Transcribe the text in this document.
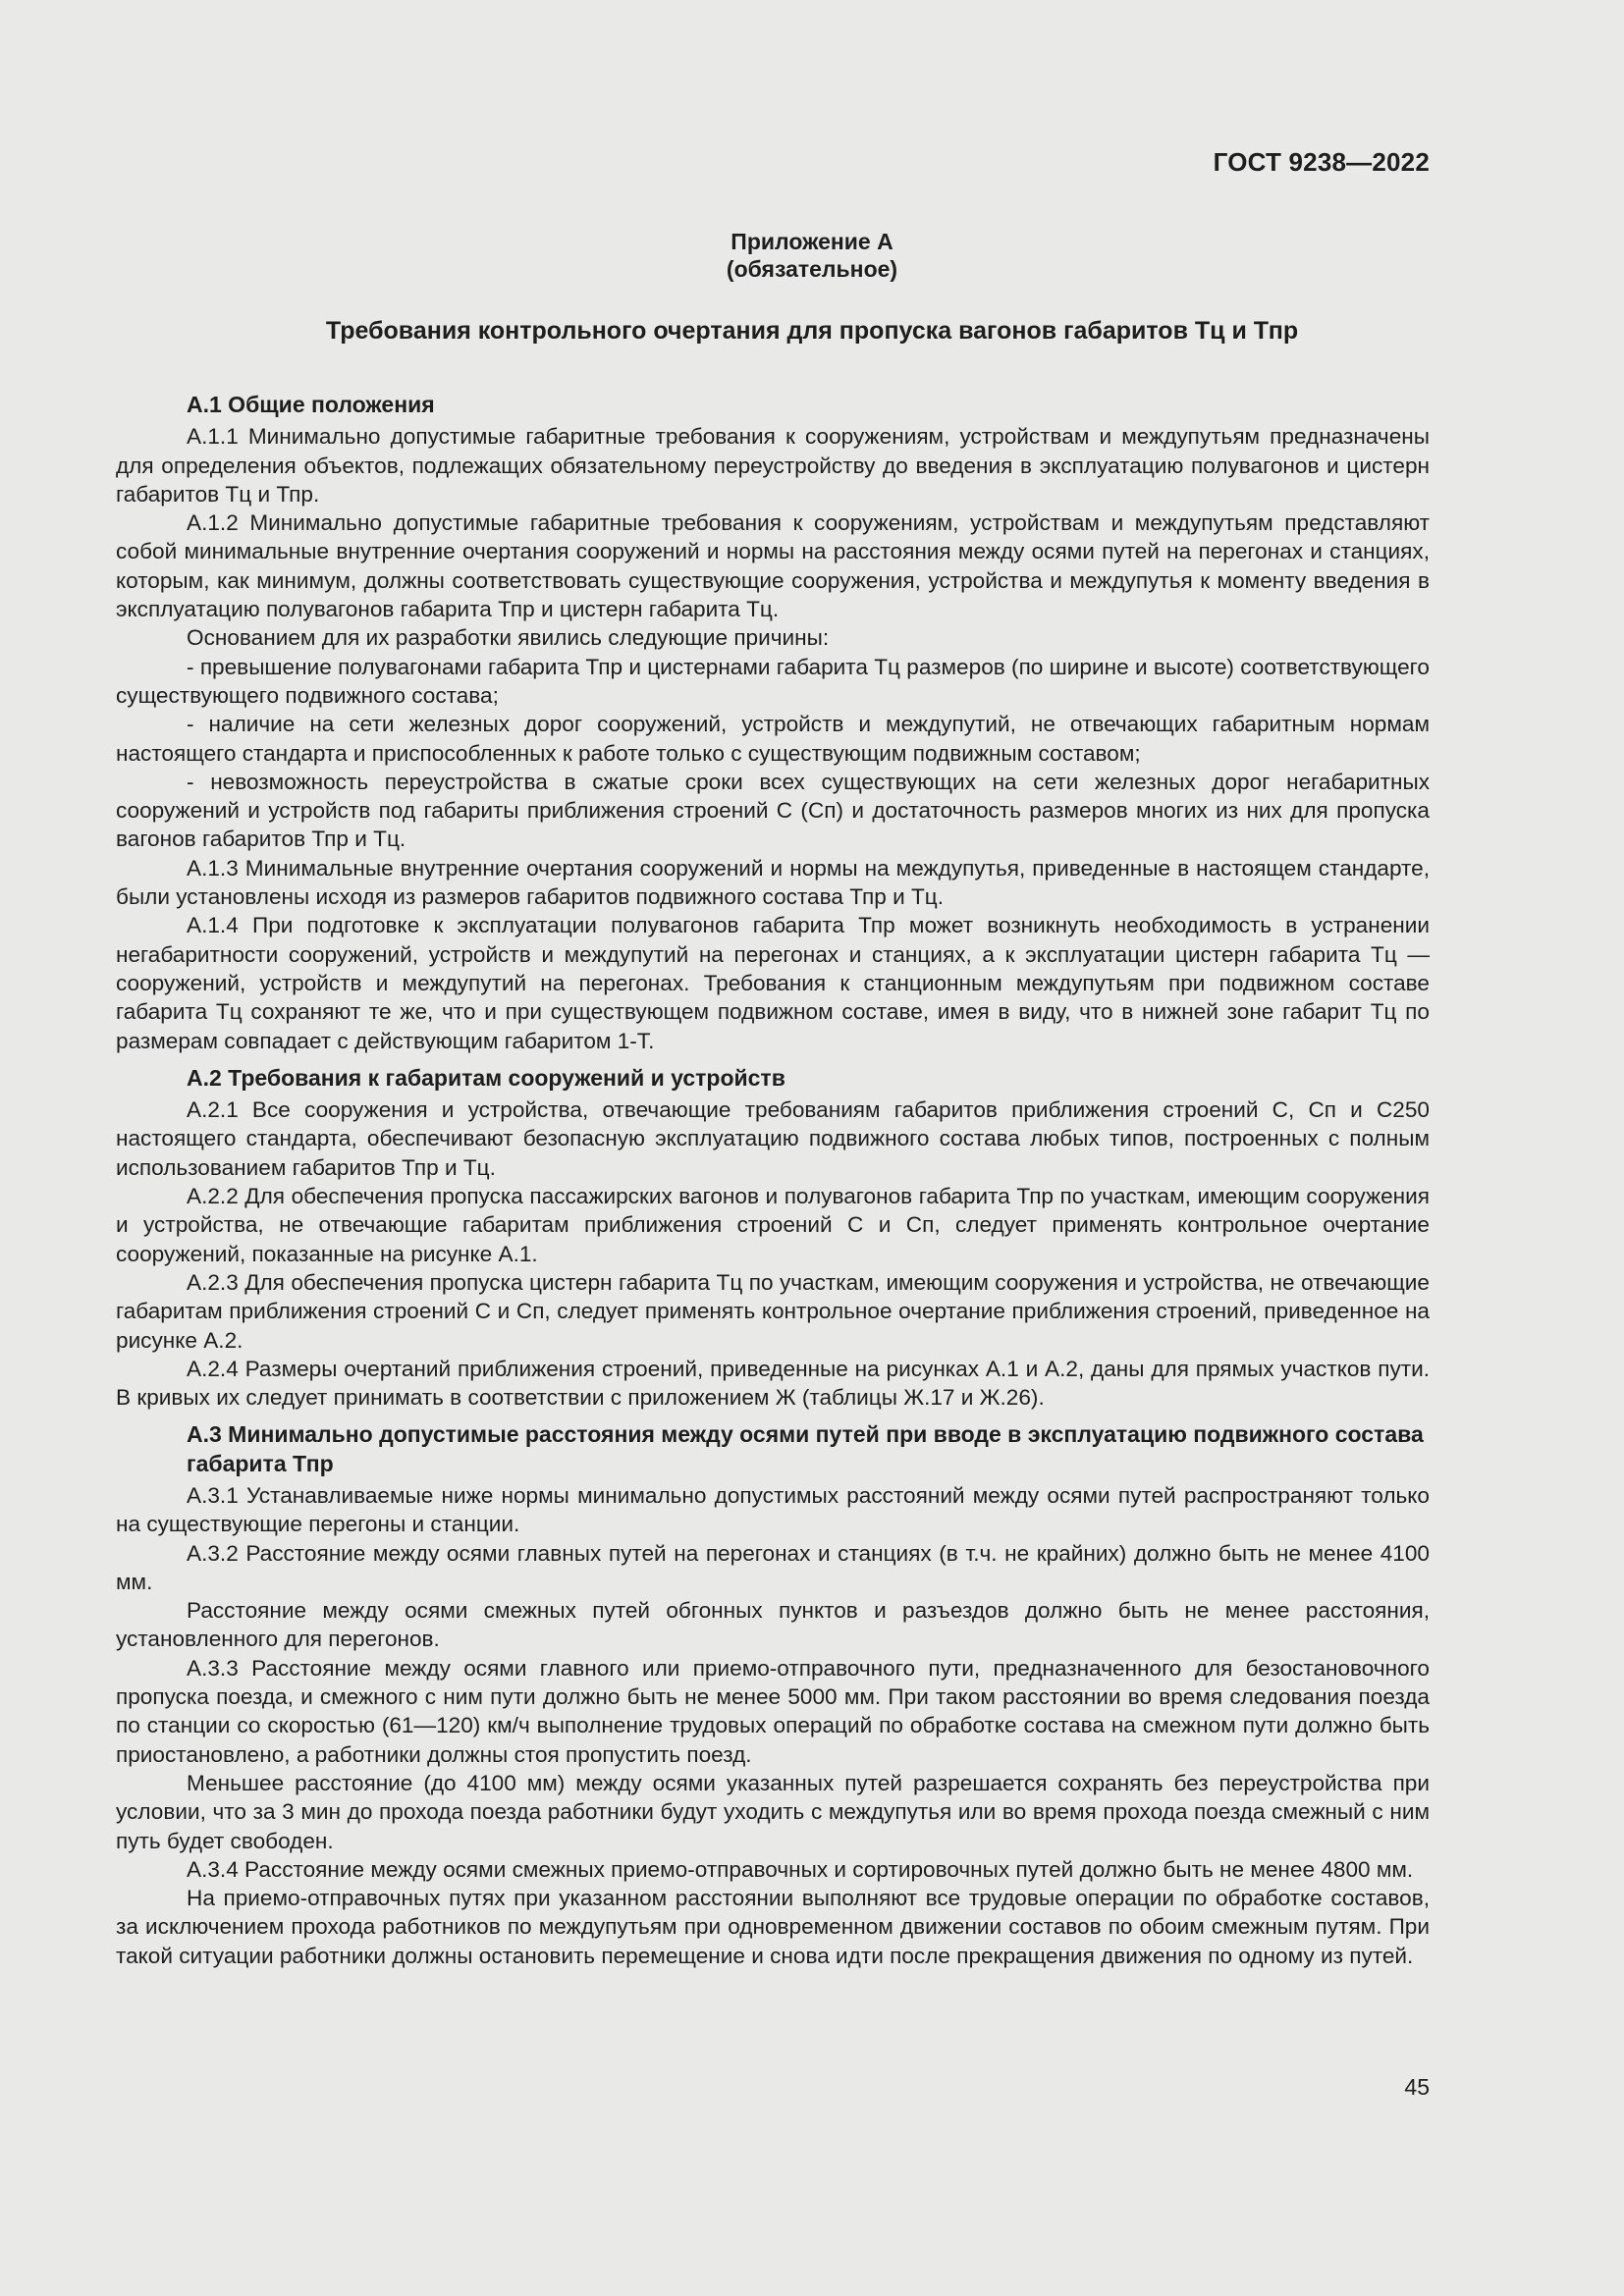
ГОСТ 9238—2022

Приложение А
(обязательное)

Требования контрольного очертания для пропуска вагонов габаритов Тц и Тпр

А.1 Общие положения

А.1.1 Минимально допустимые габаритные требования к сооружениям, устройствам и междупутьям предназначены для определения объектов, подлежащих обязательному переустройству до введения в эксплуатацию полувагонов и цистерн габаритов Тц и Тпр.

А.1.2 Минимально допустимые габаритные требования к сооружениям, устройствам и междупутьям представляют собой минимальные внутренние очертания сооружений и нормы на расстояния между осями путей на перегонах и станциях, которым, как минимум, должны соответствовать существующие сооружения, устройства и междупутья к моменту введения в эксплуатацию полувагонов габарита Тпр и цистерн габарита Тц.

Основанием для их разработки явились следующие причины:

- превышение полувагонами габарита Тпр и цистернами габарита Тц размеров (по ширине и высоте) соответствующего существующего подвижного состава;

- наличие на сети железных дорог сооружений, устройств и междупутий, не отвечающих габаритным нормам настоящего стандарта и приспособленных к работе только с существующим подвижным составом;

- невозможность переустройства в сжатые сроки всех существующих на сети железных дорог негабаритных сооружений и устройств под габариты приближения строений С (Сп) и достаточность размеров многих из них для пропуска вагонов габаритов Тпр и Тц.

А.1.3 Минимальные внутренние очертания сооружений и нормы на междупутья, приведенные в настоящем стандарте, были установлены исходя из размеров габаритов подвижного состава Тпр и Тц.

А.1.4 При подготовке к эксплуатации полувагонов габарита Тпр может возникнуть необходимость в устранении негабаритности сооружений, устройств и междупутий на перегонах и станциях, а к эксплуатации цистерн габарита Тц — сооружений, устройств и междупутий на перегонах. Требования к станционным междупутьям при подвижном составе габарита Тц сохраняют те же, что и при существующем подвижном составе, имея в виду, что в нижней зоне габарит Тц по размерам совпадает с действующим габаритом 1-Т.

А.2 Требования к габаритам сооружений и устройств

А.2.1 Все сооружения и устройства, отвечающие требованиям габаритов приближения строений С, Сп и С250 настоящего стандарта, обеспечивают безопасную эксплуатацию подвижного состава любых типов, построенных с полным использованием габаритов Тпр и Тц.

А.2.2 Для обеспечения пропуска пассажирских вагонов и полувагонов габарита Тпр по участкам, имеющим сооружения и устройства, не отвечающие габаритам приближения строений С и Сп, следует применять контрольное очертание сооружений, показанные на рисунке А.1.

А.2.3 Для обеспечения пропуска цистерн габарита Тц по участкам, имеющим сооружения и устройства, не отвечающие габаритам приближения строений С и Сп, следует применять контрольное очертание приближения строений, приведенное на рисунке А.2.

А.2.4 Размеры очертаний приближения строений, приведенные на рисунках А.1 и А.2, даны для прямых участков пути. В кривых их следует принимать в соответствии с приложением Ж (таблицы Ж.17 и Ж.26).

А.3 Минимально допустимые расстояния между осями путей при вводе в эксплуатацию подвижного состава габарита Тпр

А.3.1 Устанавливаемые ниже нормы минимально допустимых расстояний между осями путей распространяют только на существующие перегоны и станции.

А.3.2 Расстояние между осями главных путей на перегонах и станциях (в т.ч. не крайних) должно быть не менее 4100 мм.

Расстояние между осями смежных путей обгонных пунктов и разъездов должно быть не менее расстояния, установленного для перегонов.

А.3.3 Расстояние между осями главного или приемо-отправочного пути, предназначенного для безостановочного пропуска поезда, и смежного с ним пути должно быть не менее 5000 мм. При таком расстоянии во время следования поезда по станции со скоростью (61—120) км/ч выполнение трудовых операций по обработке состава на смежном пути должно быть приостановлено, а работники должны стоя пропустить поезд.

Меньшее расстояние (до 4100 мм) между осями указанных путей разрешается сохранять без переустройства при условии, что за 3 мин до прохода поезда работники будут уходить с междупутья или во время прохода поезда смежный с ним путь будет свободен.

А.3.4 Расстояние между осями смежных приемо-отправочных и сортировочных путей должно быть не менее 4800 мм.

На приемо-отправочных путях при указанном расстоянии выполняют все трудовые операции по обработке составов, за исключением прохода работников по междупутьям при одновременном движении составов по обоим смежным путям. При такой ситуации работники должны остановить перемещение и снова идти после прекращения движения по одному из путей.

45
